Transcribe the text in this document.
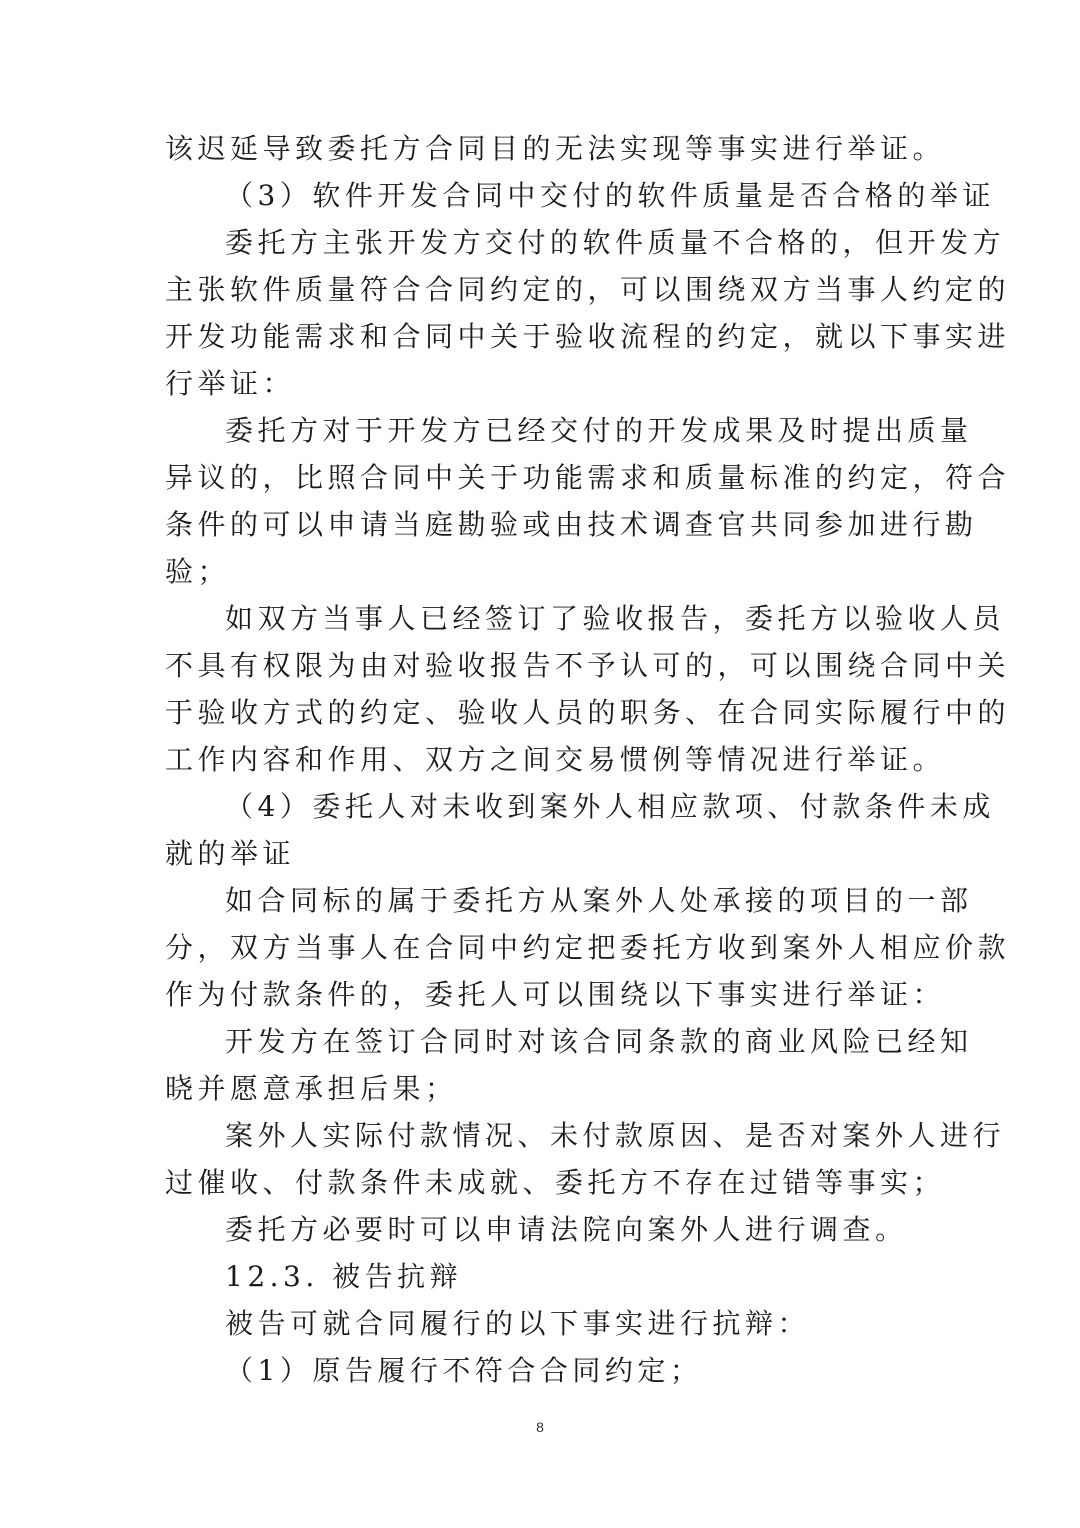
该迟延导致委托方合同目的无法实现等事实进行举证。
（3）软件开发合同中交付的软件质量是否合格的举证
委托方主张开发方交付的软件质量不合格的，但开发方
主张软件质量符合合同约定的，可以围绕双方当事人约定的
开发功能需求和合同中关于验收流程的约定，就以下事实进
行举证：
委托方对于开发方已经交付的开发成果及时提出质量
异议的，比照合同中关于功能需求和质量标准的约定，符合
条件的可以申请当庭勘验或由技术调查官共同参加进行勘
验；
如双方当事人已经签订了验收报告，委托方以验收人员
不具有权限为由对验收报告不予认可的，可以围绕合同中关
于验收方式的约定、验收人员的职务、在合同实际履行中的
工作内容和作用、双方之间交易惯例等情况进行举证。
（4）委托人对未收到案外人相应款项、付款条件未成
就的举证
如合同标的属于委托方从案外人处承接的项目的一部
分，双方当事人在合同中约定把委托方收到案外人相应价款
作为付款条件的，委托人可以围绕以下事实进行举证：
开发方在签订合同时对该合同条款的商业风险已经知
晓并愿意承担后果；
案外人实际付款情况、未付款原因、是否对案外人进行
过催收、付款条件未成就、委托方不存在过错等事实；
委托方必要时可以申请法院向案外人进行调查。
12.3. 被告抗辩
被告可就合同履行的以下事实进行抗辩：
（1）原告履行不符合合同约定；
8
